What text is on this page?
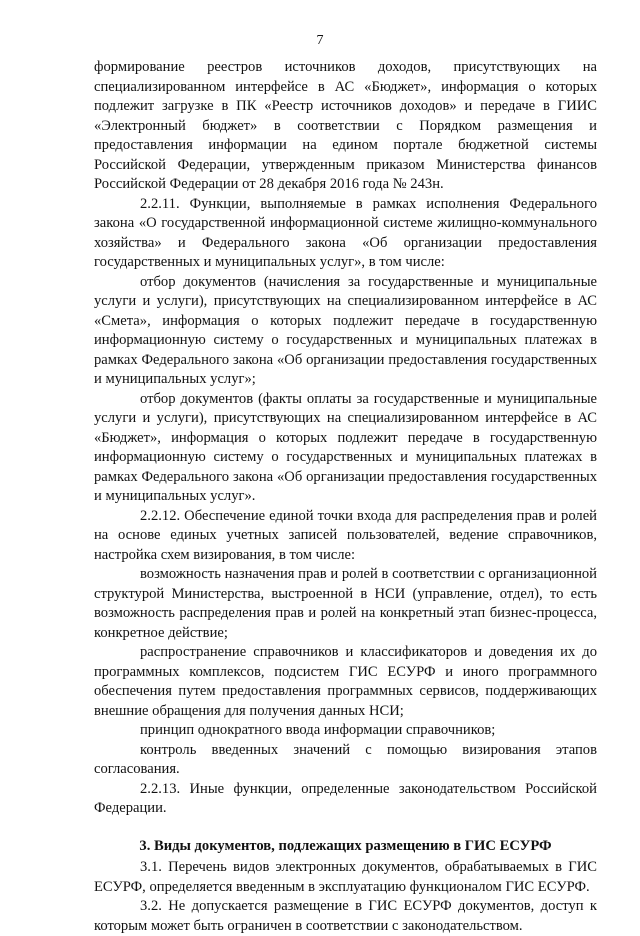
7

формирование реестров источников доходов, присутствующих на специализированном интерфейсе в АС «Бюджет», информация о которых подлежит загрузке в ПК «Реестр источников доходов» и передаче в ГИИС «Электронный бюджет» в соответствии с Порядком размещения и предоставления информации на едином портале бюджетной системы Российской Федерации, утвержденным приказом Министерства финансов Российской Федерации от 28 декабря 2016 года № 243н.

2.2.11. Функции, выполняемые в рамках исполнения Федерального закона «О государственной информационной системе жилищно-коммунального хозяйства» и Федерального закона «Об организации предоставления государственных и муниципальных услуг», в том числе:

отбор документов (начисления за государственные и муниципальные услуги и услуги), присутствующих на специализированном интерфейсе в АС «Смета», информация о которых подлежит передаче в государственную информационную систему о государственных и муниципальных платежах в рамках Федерального закона «Об организации предоставления государственных и муниципальных услуг»;

отбор документов (факты оплаты за государственные и муниципальные услуги и услуги), присутствующих на специализированном интерфейсе в АС «Бюджет», информация о которых подлежит передаче в государственную информационную систему о государственных и муниципальных платежах в рамках Федерального закона «Об организации предоставления государственных и муниципальных услуг».

2.2.12. Обеспечение единой точки входа для распределения прав и ролей на основе единых учетных записей пользователей, ведение справочников, настройка схем визирования, в том числе:

возможность назначения прав и ролей в соответствии с организационной структурой Министерства, выстроенной в НСИ (управление, отдел), то есть возможность распределения прав и ролей на конкретный этап бизнес-процесса, конкретное действие;

распространение справочников и классификаторов и доведения их до программных комплексов, подсистем ГИС ЕСУРФ и иного программного обеспечения путем предоставления программных сервисов, поддерживающих внешние обращения для получения данных НСИ;

принцип однократного ввода информации справочников;

контроль введенных значений с помощью визирования этапов согласования.

2.2.13. Иные функции, определенные законодательством Российской Федерации.

3. Виды документов, подлежащих размещению в ГИС ЕСУРФ

3.1. Перечень видов электронных документов, обрабатываемых в ГИС ЕСУРФ, определяется введенным в эксплуатацию функционалом ГИС ЕСУРФ.

3.2. Не допускается размещение в ГИС ЕСУРФ документов, доступ к которым может быть ограничен в соответствии с законодательством.
